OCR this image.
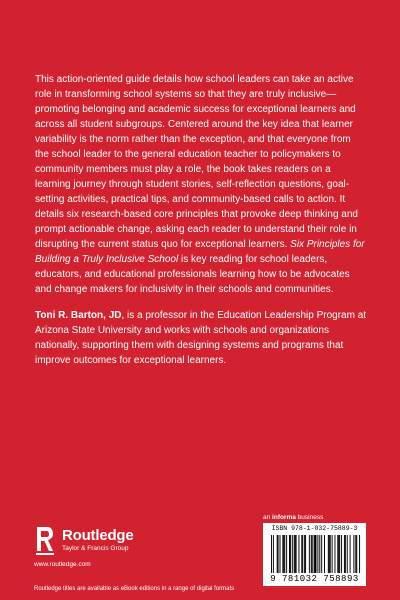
This action-oriented guide details how school leaders can take an active role in transforming school systems so that they are truly inclusive—promoting belonging and academic success for exceptional learners and across all student subgroups. Centered around the key idea that learner variability is the norm rather than the exception, and that everyone from the school leader to the general education teacher to policymakers to community members must play a role, the book takes readers on a learning journey through student stories, self-reflection questions, goal-setting activities, practical tips, and community-based calls to action. It details six research-based core principles that provoke deep thinking and prompt actionable change, asking each reader to understand their role in disrupting the current status quo for exceptional learners. Six Principles for Building a Truly Inclusive School is key reading for school leaders, educators, and educational professionals learning how to be advocates and change makers for inclusivity in their schools and communities.

Toni R. Barton, JD, is a professor in the Education Leadership Program at Arizona State University and works with schools and organizations nationally, supporting them with designing systems and programs that improve outcomes for exceptional learners.

Routledge
Taylor & Francis Group
www.routledge.com
an informa business
ISBN 978-1-032-75889-3
9 781032 758893
Routledge titles are available as eBook editions in a range of digital formats
